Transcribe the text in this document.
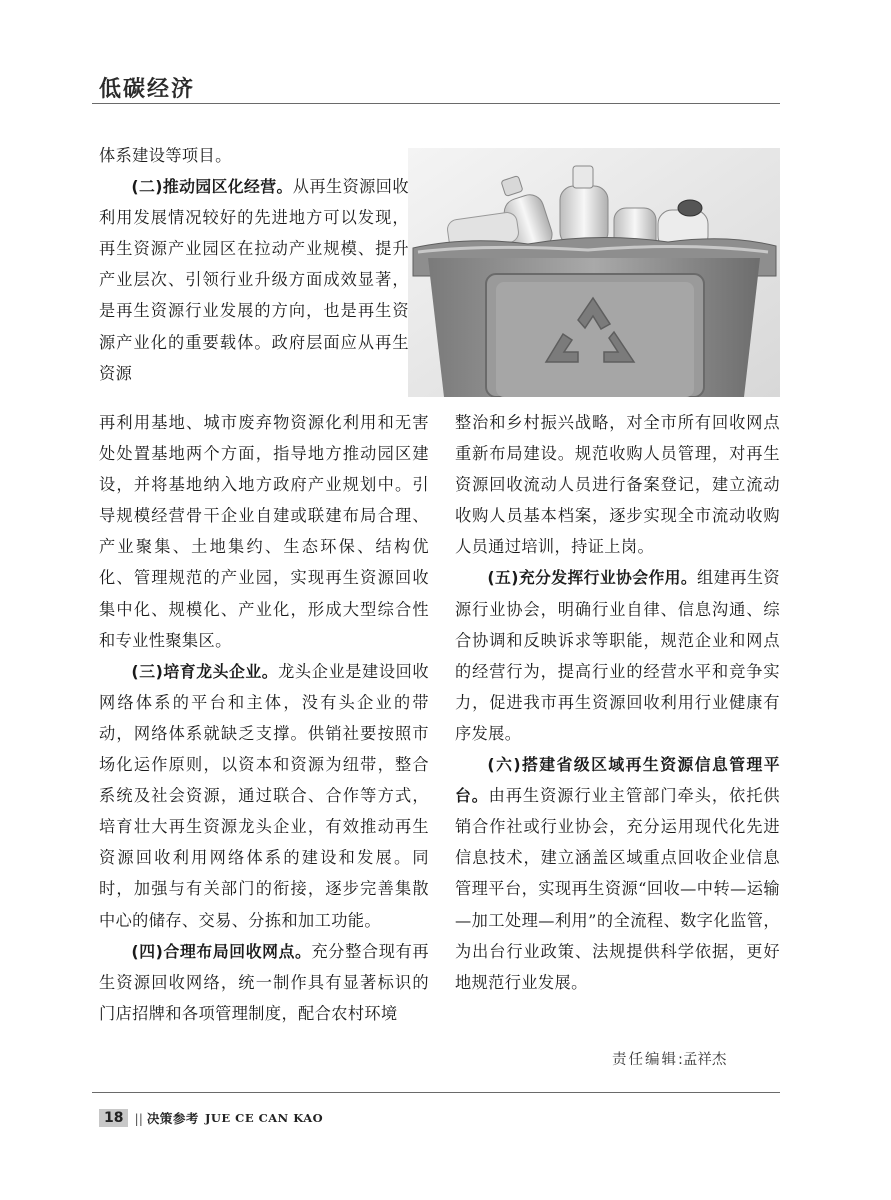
低碳经济

体系建设等项目。

(二)推动园区化经营。从再生资源回收利用发展情况较好的先进地方可以发现，再生资源产业园区在拉动产业规模、提升产业层次、引领行业升级方面成效显著，是再生资源行业发展的方向，也是再生资源产业化的重要载体。政府层面应从再生资源

再利用基地、城市废弃物资源化利用和无害处处置基地两个方面，指导地方推动园区建设，并将基地纳入地方政府产业规划中。引导规模经营骨干企业自建或联建布局合理、产业聚集、土地集约、生态环保、结构优化、管理规范的产业园，实现再生资源回收集中化、规模化、产业化，形成大型综合性和专业性聚集区。

(三)培育龙头企业。龙头企业是建设回收网络体系的平台和主体，没有头企业的带动，网络体系就缺乏支撑。供销社要按照市场化运作原则，以资本和资源为纽带，整合系统及社会资源，通过联合、合作等方式，培育壮大再生资源龙头企业，有效推动再生资源回收利用网络体系的建设和发展。同时，加强与有关部门的衔接，逐步完善集散中心的储存、交易、分拣和加工功能。

(四)合理布局回收网点。充分整合现有再生资源回收网络，统一制作具有显著标识的门店招牌和各项管理制度，配合农村环境

整治和乡村振兴战略，对全市所有回收网点重新布局建设。规范收购人员管理，对再生资源回收流动人员进行备案登记，建立流动收购人员基本档案，逐步实现全市流动收购人员通过培训，持证上岗。

(五)充分发挥行业协会作用。组建再生资源行业协会，明确行业自律、信息沟通、综合协调和反映诉求等职能，规范企业和网点的经营行为，提高行业的经营水平和竞争实力，促进我市再生资源回收利用行业健康有序发展。

(六)搭建省级区域再生资源信息管理平台。由再生资源行业主管部门牵头，依托供销合作社或行业协会，充分运用现代化先进信息技术，建立涵盖区域重点回收企业信息管理平台，实现再生资源“回收—中转—运输—加工处理—利用”的全流程、数字化监管，为出台行业政策、法规提供科学依据，更好地规范行业发展。

责任编辑:孟祥杰
18 || 决策参考 JUE CE CAN KAO
